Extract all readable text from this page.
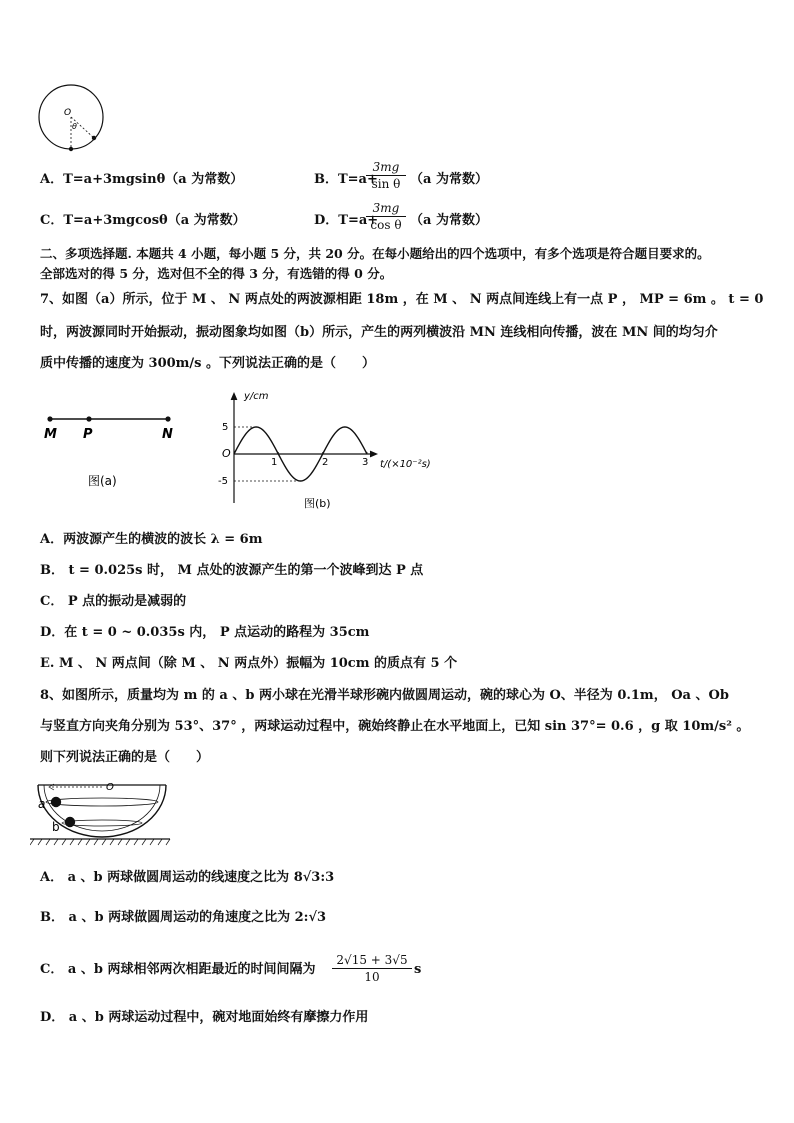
O
θ
A．T=a+3mgsinθ（a 为常数）	B．T=a+
3mg
sin θ （a 为常数）
C．T=a+3mgcosθ（a 为常数）	D．T=a+
3mg
cos θ （a 为常数）
二、多项选择题. 本题共 4 小题，每小题 5 分，共 20 分。在每小题给出的四个选项中，有多个选项是符合题目要求的。
全部选对的得 5 分，选对但不全的得 3 分，有选错的得 0 分。
7、如图（a）所示，位于 M 、 N 两点处的两波源相距 18m ，在 M 、 N 两点间连线上有一点 P ， MP = 6m 。 t = 0
时，两波源同时开始振动，振动图象均如图（b）所示，产生的两列横波沿 MN 连线相向传播，波在 MN 间的均匀介
质中传播的速度为 300m/s 。下列说法正确的是（　　）
M P	N
图(a)
y/cm
t/(×10⁻²s)
O
5
-5
1	2	3
图(b)
A．两波源产生的横波的波长 λ = 6m
B． t = 0.025s 时， M 点处的波源产生的第一个波峰到达 P 点
C． P 点的振动是减弱的
D．在 t = 0 ~ 0.035s 内， P 点运动的路程为 35cm
E. M 、 N 两点间（除 M 、 N 两点外）振幅为 10cm 的质点有 5 个
8、如图所示，质量均为 m 的 a 、b 两小球在光滑半球形碗内做圆周运动，碗的球心为 O、半径为 0.1m， Oa 、Ob
与竖直方向夹角分别为 53°、37° ，两球运动过程中，碗始终静止在水平地面上，已知 sin 37°= 0.6 ，g 取 10m/s² 。
则下列说法正确的是（　　）
O
a
b
A． a 、b 两球做圆周运动的线速度之比为 8√3:3
B． a 、b 两球做圆周运动的角速度之比为 2:√3
C． a 、b 两球相邻两次相距最近的时间间隔为
2√15 + 3√5
10	s
D． a 、b 两球运动过程中，碗对地面始终有摩擦力作用
